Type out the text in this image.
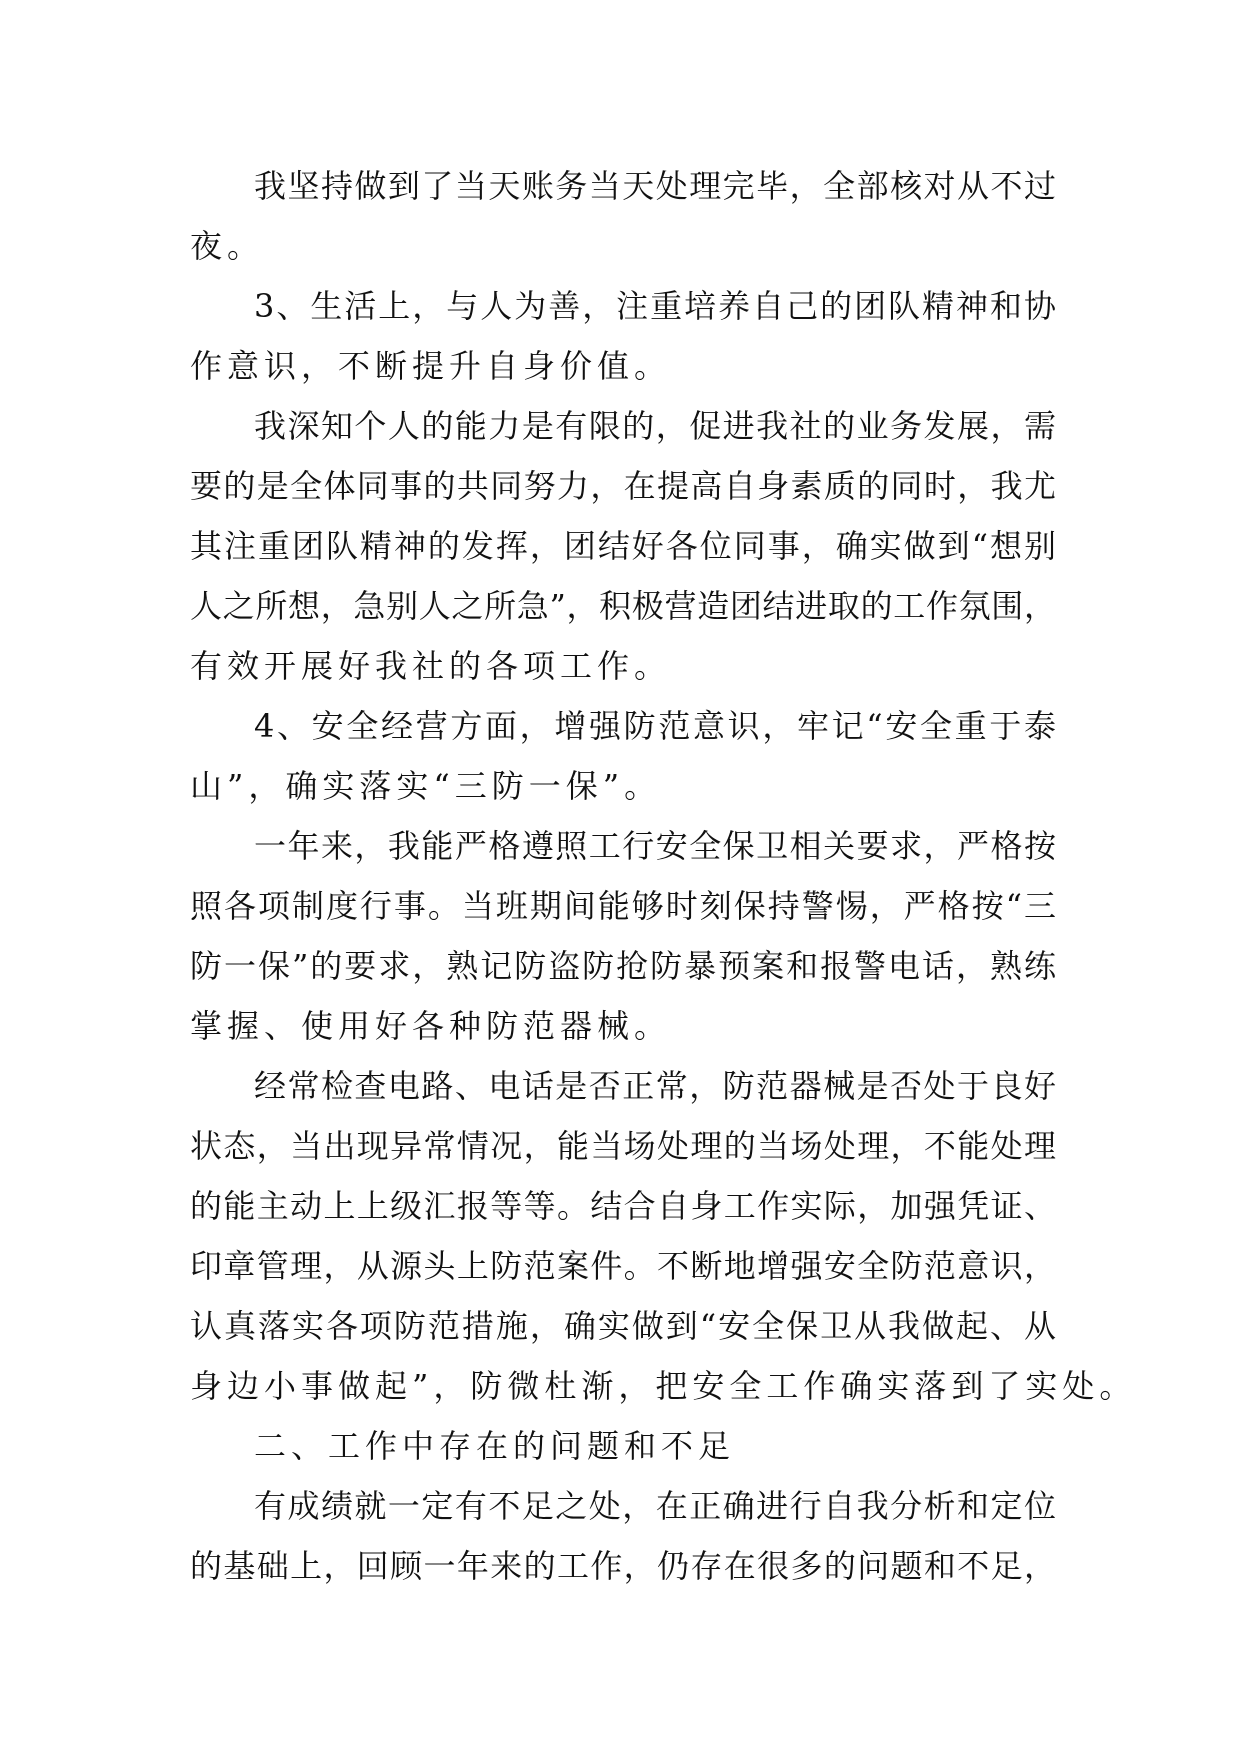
我坚持做到了当天账务当天处理完毕，全部核对从不过
夜。
3、生活上，与人为善，注重培养自己的团队精神和协
作意识，不断提升自身价值。
我深知个人的能力是有限的，促进我社的业务发展，需
要的是全体同事的共同努力，在提高自身素质的同时，我尤
其注重团队精神的发挥，团结好各位同事，确实做到“想别
人之所想，急别人之所急”，积极营造团结进取的工作氛围，
有效开展好我社的各项工作。
4、安全经营方面，增强防范意识，牢记“安全重于泰
山”，确实落实“三防一保”。
一年来，我能严格遵照工行安全保卫相关要求，严格按
照各项制度行事。当班期间能够时刻保持警惕，严格按“三
防一保”的要求，熟记防盗防抢防暴预案和报警电话，熟练
掌握、使用好各种防范器械。
经常检查电路、电话是否正常，防范器械是否处于良好
状态，当出现异常情况，能当场处理的当场处理，不能处理
的能主动上上级汇报等等。结合自身工作实际，加强凭证、
印章管理，从源头上防范案件。不断地增强安全防范意识，
认真落实各项防范措施，确实做到“安全保卫从我做起、从
身边小事做起”，防微杜渐，把安全工作确实落到了实处。
二、工作中存在的问题和不足
有成绩就一定有不足之处，在正确进行自我分析和定位
的基础上，回顾一年来的工作，仍存在很多的问题和不足，
